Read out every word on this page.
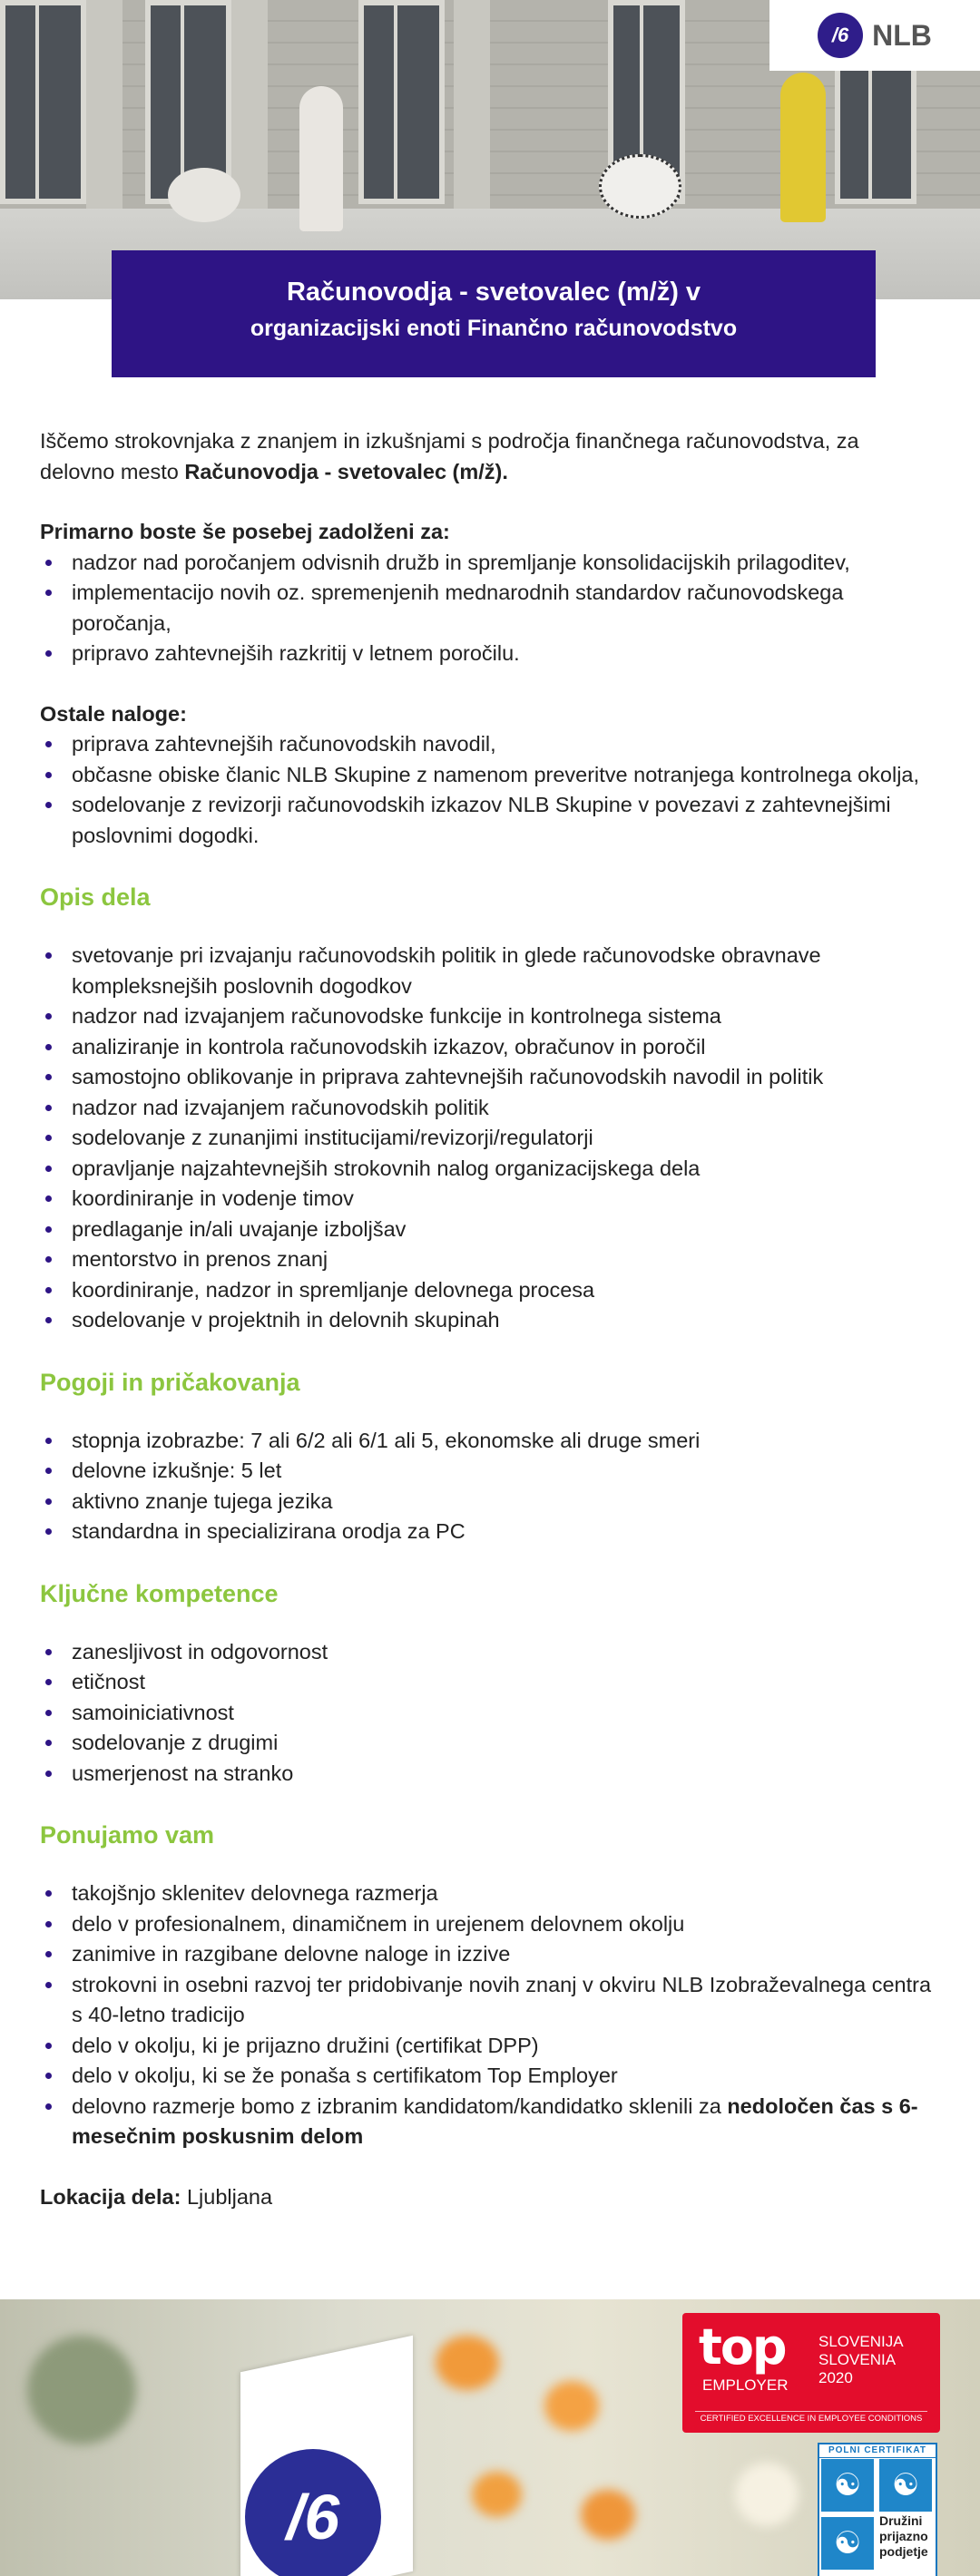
/6 NLB
Računovodja - svetovalec (m/ž) v
organizacijski enoti Finančno računovodstvo

Iščemo strokovnjaka z znanjem in izkušnjami s področja finančnega računovodstva, za delovno mesto Računovodja - svetovalec (m/ž).

Primarno boste še posebej zadolženi za:

nadzor nad poročanjem odvisnih družb in spremljanje konsolidacijskih prilagoditev,
implementacijo novih oz. spremenjenih mednarodnih standardov računovodskega poročanja,
pripravo zahtevnejših razkritij v letnem poročilu.

Ostale naloge:

priprava zahtevnejših računovodskih navodil,
občasne obiske članic NLB Skupine z namenom preveritve notranjega kontrolnega okolja,
sodelovanje z revizorji računovodskih izkazov NLB Skupine v povezavi z zahtevnejšimi poslovnimi dogodki.
Opis dela
svetovanje pri izvajanju računovodskih politik in glede računovodske obravnave kompleksnejših poslovnih dogodkov
nadzor nad izvajanjem računovodske funkcije in kontrolnega sistema
analiziranje in kontrola računovodskih izkazov, obračunov in poročil
samostojno oblikovanje in priprava zahtevnejših računovodskih navodil in politik
nadzor nad izvajanjem računovodskih politik
sodelovanje z zunanjimi institucijami/revizorji/regulatorji
opravljanje najzahtevnejših strokovnih nalog organizacijskega dela
koordiniranje in vodenje timov
predlaganje in/ali uvajanje izboljšav
mentorstvo in prenos znanj
koordiniranje, nadzor in spremljanje delovnega procesa
sodelovanje v projektnih in delovnih skupinah
Pogoji in pričakovanja
stopnja izobrazbe: 7 ali 6/2 ali 6/1 ali 5, ekonomske ali druge smeri
delovne izkušnje: 5 let
aktivno znanje tujega jezika
standardna in specializirana orodja za PC
Ključne kompetence
zanesljivost in odgovornost
etičnost
samoiniciativnost
sodelovanje z drugimi
usmerjenost na stranko
Ponujamo vam
takojšnjo sklenitev delovnega razmerja
delo v profesionalnem, dinamičnem in urejenem delovnem okolju
zanimive in razgibane delovne naloge in izzive
strokovni in osebni razvoj ter pridobivanje novih znanj v okviru NLB Izobraževalnega centra s 40-letno tradicijo
delo v okolju, ki je prijazno družini (certifikat DPP)
delo v okolju, ki se že ponaša s certifikatom Top Employer
delovno razmerje bomo z izbranim kandidatom/kandidatko sklenili za nedoločen čas s 6-mesečnim poskusnim delom

Lokacija dela: Ljubljana

/6
top
EMPLOYER
SLOVENIJA
SLOVENIA
2020
CERTIFIED EXCELLENCE IN EMPLOYEE CONDITIONS
POLNI CERTIFIKAT
☯ ☯
☯
Družini
prijazno
podjetje
